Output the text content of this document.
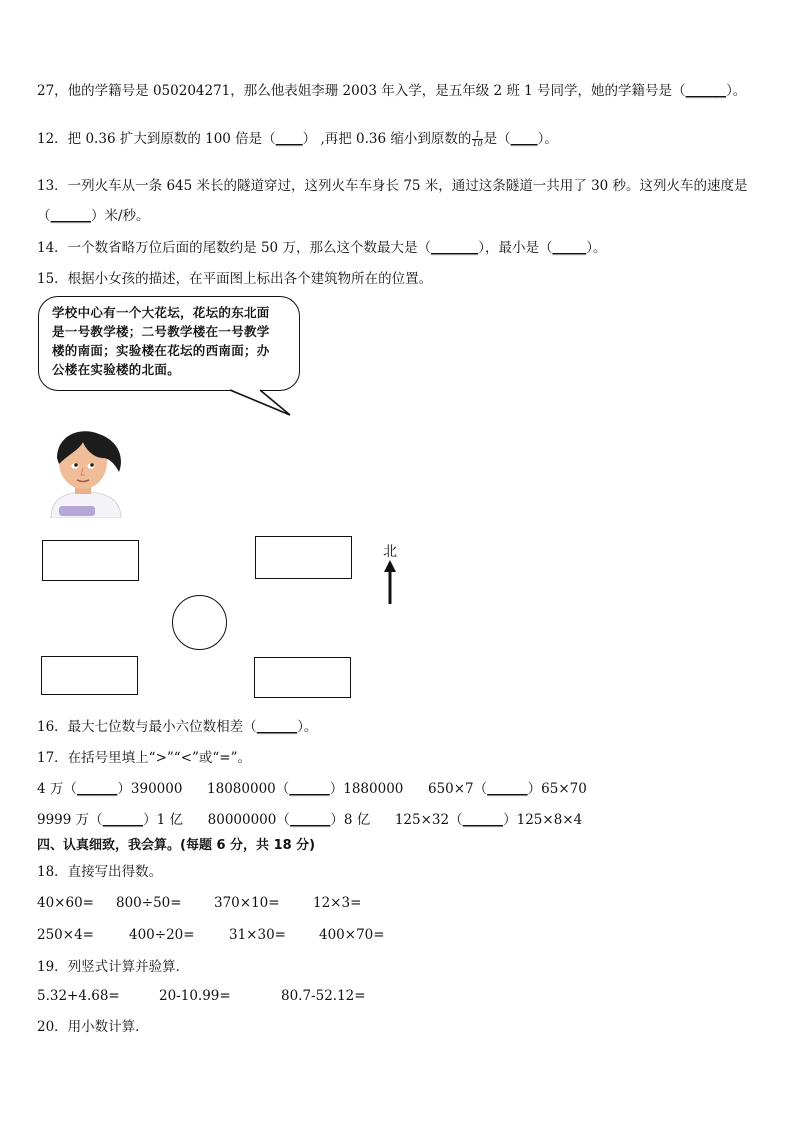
27，他的学籍号是 050204271，那么他表姐李珊 2003 年入学，是五年级 2 班 1 号同学，她的学籍号是（______）。
12．把 0.36 扩大到原数的 100 倍是（____） ,再把 0.36 缩小到原数的 $\frac{1}{10}$ 是（____）。
13．一列火车从一条 645 米长的隧道穿过，这列火车车身长 75 米，通过这条隧道一共用了 30 秒。这列火车的速度是
（______）米/秒。
14．一个数省略万位后面的尾数约是 50 万，那么这个数最大是（_______），最小是（_____）。
15．根据小女孩的描述，在平面图上标出各个建筑物所在的位置。
学校中心有一个大花坛，花坛的东北面
是一号教学楼；二号教学楼在一号教学
楼的南面；实验楼在花坛的西南面；办
公楼在实验楼的北面。
北
16．最大七位数与最小六位数相差（______）。
17．在括号里填上“>”“<”或“=”。
4 万（______）390000 18080000（______）1880000 650×7（______）65×70
9999 万（______）1 亿 80000000（______）8 亿 125×32（______）125×8×4
四、认真细致，我会算。(每题 6 分，共 18 分)
18．直接写出得数。
40×60= 800÷50= 370×10= 12×3=
250×4=	400÷20=	31×30= 400×70=
19．列竖式计算并验算．
5.32+4.68=	20-10.99=	80.7-52.12=
20．用小数计算．
